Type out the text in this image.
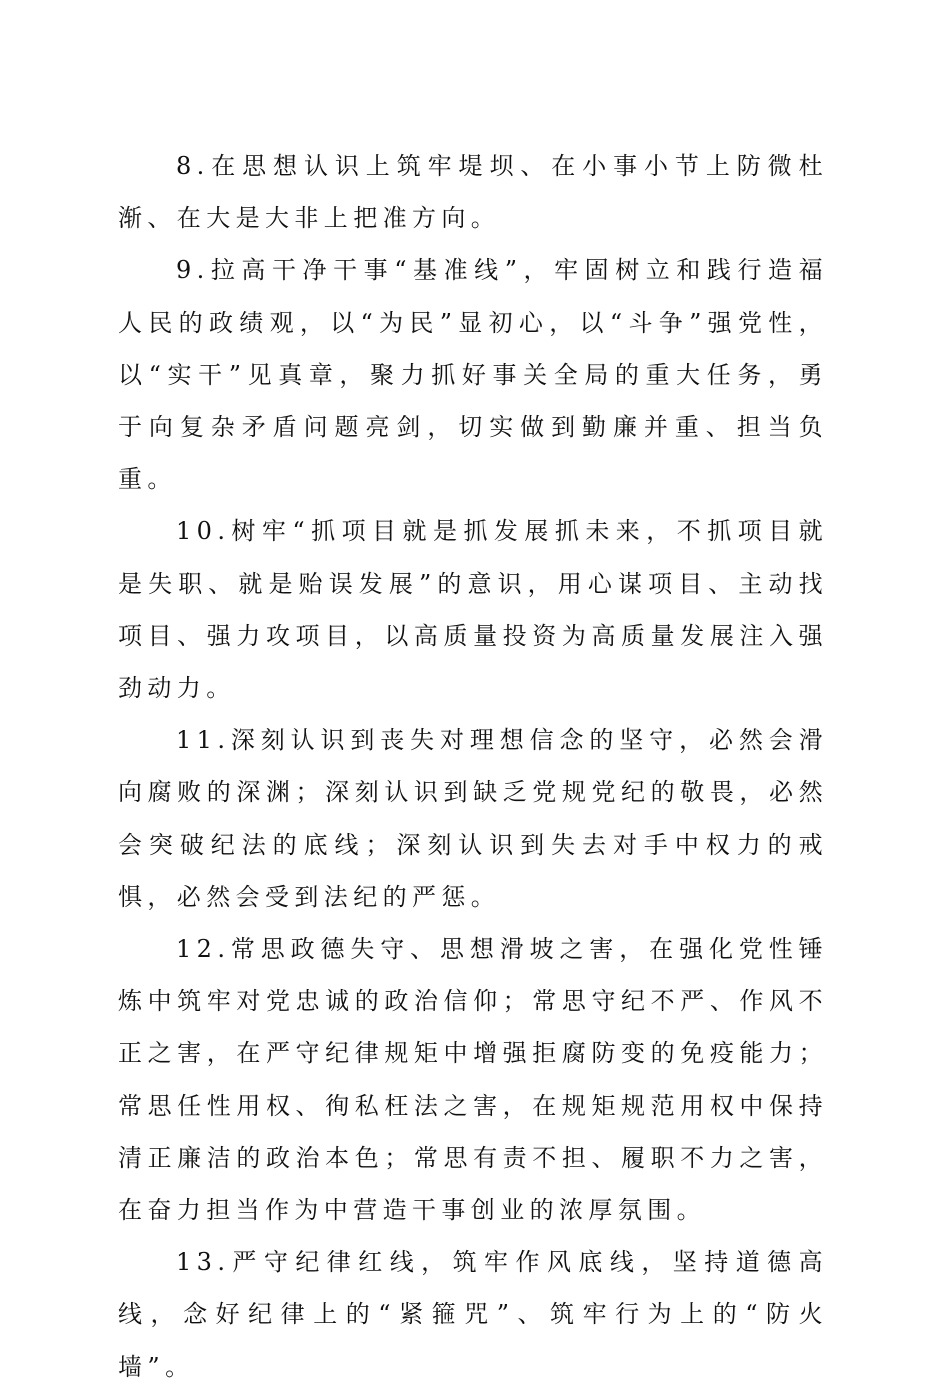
8.在思想认识上筑牢堤坝、在小事小节上防微杜渐、在大是大非上把准方向。

9.拉高干净干事“基准线”，牢固树立和践行造福人民的政绩观，以“为民”显初心，以“斗争”强党性，以“实干”见真章，聚力抓好事关全局的重大任务，勇于向复杂矛盾问题亮剑，切实做到勤廉并重、担当负重。

10.树牢“抓项目就是抓发展抓未来，不抓项目就是失职、就是贻误发展”的意识，用心谋项目、主动找项目、强力攻项目，以高质量投资为高质量发展注入强劲动力。

11.深刻认识到丧失对理想信念的坚守，必然会滑向腐败的深渊；深刻认识到缺乏党规党纪的敬畏，必然会突破纪法的底线；深刻认识到失去对手中权力的戒惧，必然会受到法纪的严惩。

12.常思政德失守、思想滑坡之害，在强化党性锤炼中筑牢对党忠诚的政治信仰；常思守纪不严、作风不正之害，在严守纪律规矩中增强拒腐防变的免疫能力；常思任性用权、徇私枉法之害，在规矩规范用权中保持清正廉洁的政治本色；常思有责不担、履职不力之害，在奋力担当作为中营造干事创业的浓厚氛围。

13.严守纪律红线，筑牢作风底线，坚持道德高线，念好纪律上的“紧箍咒”、筑牢行为上的“防火墙”。
